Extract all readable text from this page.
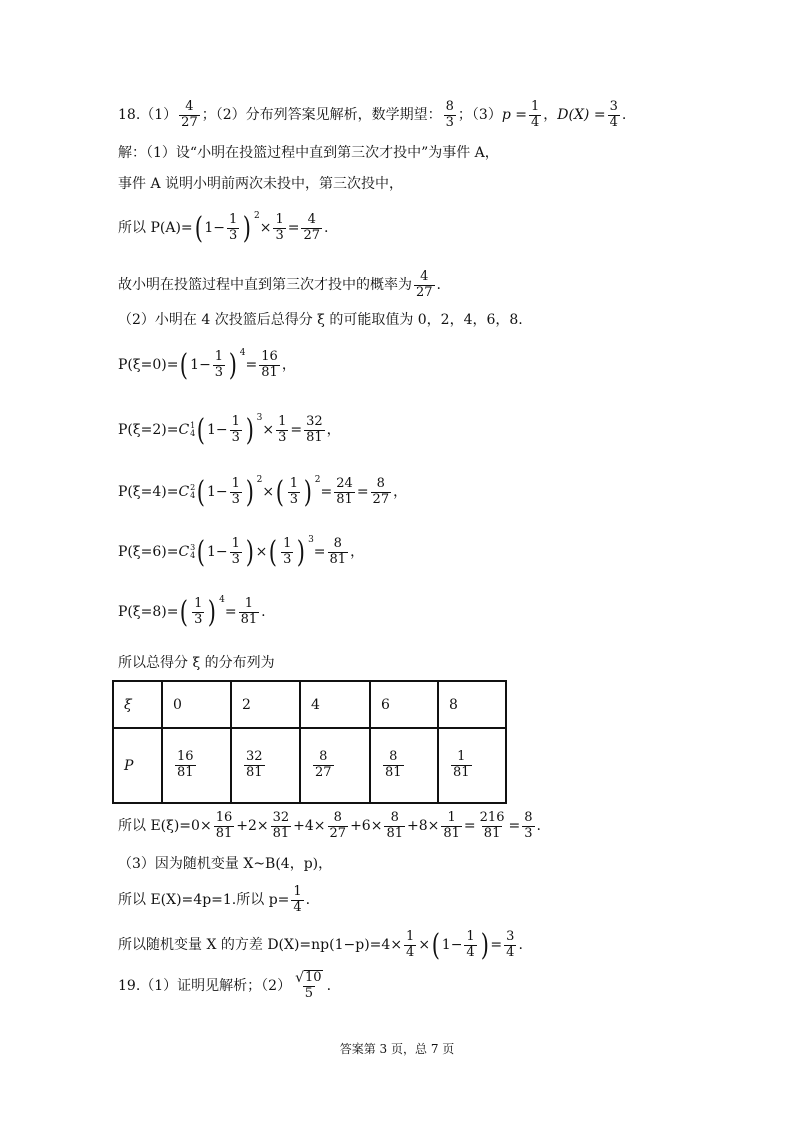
$18.(1) \frac{4}{27}$ ；（2）分布列答案见解析，数学期望： $\frac{8}{3}$ ；（3） $p = \frac{1}{4}$ ， $D(X) = \frac{3}{4}$ .
解：（1）设“小明在投篮过程中直到第三次才投中”为事件 A，
事件 A 说明小明前两次未投中，第三次投中，
所以 P(A)= ( $1- \frac{1}{3}$ ) 2
× $\frac{1}{3} = \frac{4}{27}$ .
故小明在投篮过程中直到第三次才投中的概率为 $\frac{4}{27}$ .
（2）小明在 4 次投篮后总得分 ξ 的可能取值为 0，2，4，6，8.
P(ξ=0)= ( $1- \frac{1}{3}$ ) 4
= $\frac{16}{81}$ ，
P(ξ=2)= C 1
4 ( $1- \frac{1}{3}$ ) 3
× $\frac{1}{3} = \frac{32}{81}$ ，
P(ξ=4)= C 2
4 ( $1- \frac{1}{3}$ ) 2
× ( $\frac{1}{3}$ ) 2
= $\frac{24}{81} = \frac{8}{27}$ ，
P(ξ=6)= C 3
4 ( $1- \frac{1}{3}$ ) × ( $\frac{1}{3}$ ) 3
= $\frac{8}{81}$ ，
P(ξ=8)= ( $\frac{1}{3}$ ) 4
= $\frac{1}{81}$ .
所以总得分 ξ 的分布列为
ξ	0	2	4	6	8
P	$\frac{16}{81}$	$\frac{32}{81}$	$\frac{8}{27}$	$\frac{8}{81}$	$\frac{1}{81}$
所以 $E(\xi)=0 \times \frac{16}{81} +2\times \frac{32}{81} +4\times \frac{8}{27} +6\times \frac{8}{81} +8\times \frac{1}{81} = \frac{216}{81} = \frac{8}{3}$ .
（3）因为随机变量 X~B(4，p)，
所以 E(X)=4p=1.所以 $p= \frac{1}{4}$ .
所以随机变量 X 的方差 $D(X)=np(1-p)=4 \times \frac{1}{4}$ × ( $1- \frac{1}{4}$ ) = $\frac{3}{4}$ .
19.（1）证明见解析；$(2) \frac{√ 10}{5}$ .
答案第 3 页，总 7 页
